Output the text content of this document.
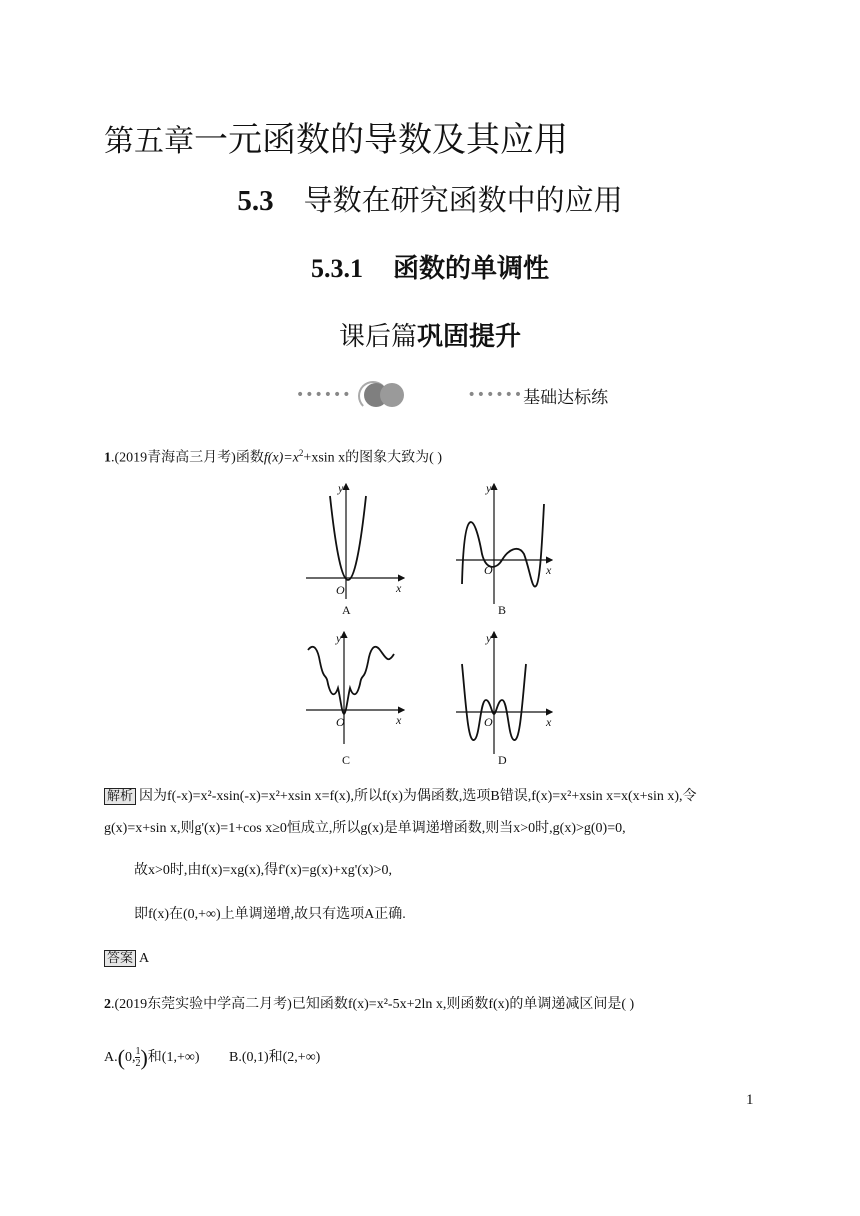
第五章一元函数的导数及其应用
5.3 导数在研究函数中的应用
5.3.1 函数的单调性
课后篇巩固提升
••••••	•••••• 基础达标练
1.(2019青海高三月考)函数$f(x)=x^2+xsin$ x的图象大致为( )
y
x
O
y
x
O
y
x
O
y
x
O
A	B
C	D
解析 因为f(-x)=x²-xsin(-x)=x²+xsin x=f(x),所以f(x)为偶函数,选项B错误,f(x)=x²+xsin x=x(x+sin x),令
g(x)=x+sin x,则g'(x)=1+cos x≥0恒成立,所以g(x)是单调递增函数,则当x>0时,g(x)>g(0)=0,
故x>0时,由f(x)=xg(x),得f'(x)=g(x)+xg'(x)>0,
即f(x)在(0,+∞)上单调递增,故只有选项A正确.
答案 A
2.(2019东莞实验中学高二月考)已知函数f(x)=x²-5x+2ln x,则函数f(x)的单调递减区间是( )
A.(0, $\frac{1}{2}$ )和(1,+∞) B.(0,1)和(2,+∞)
1
